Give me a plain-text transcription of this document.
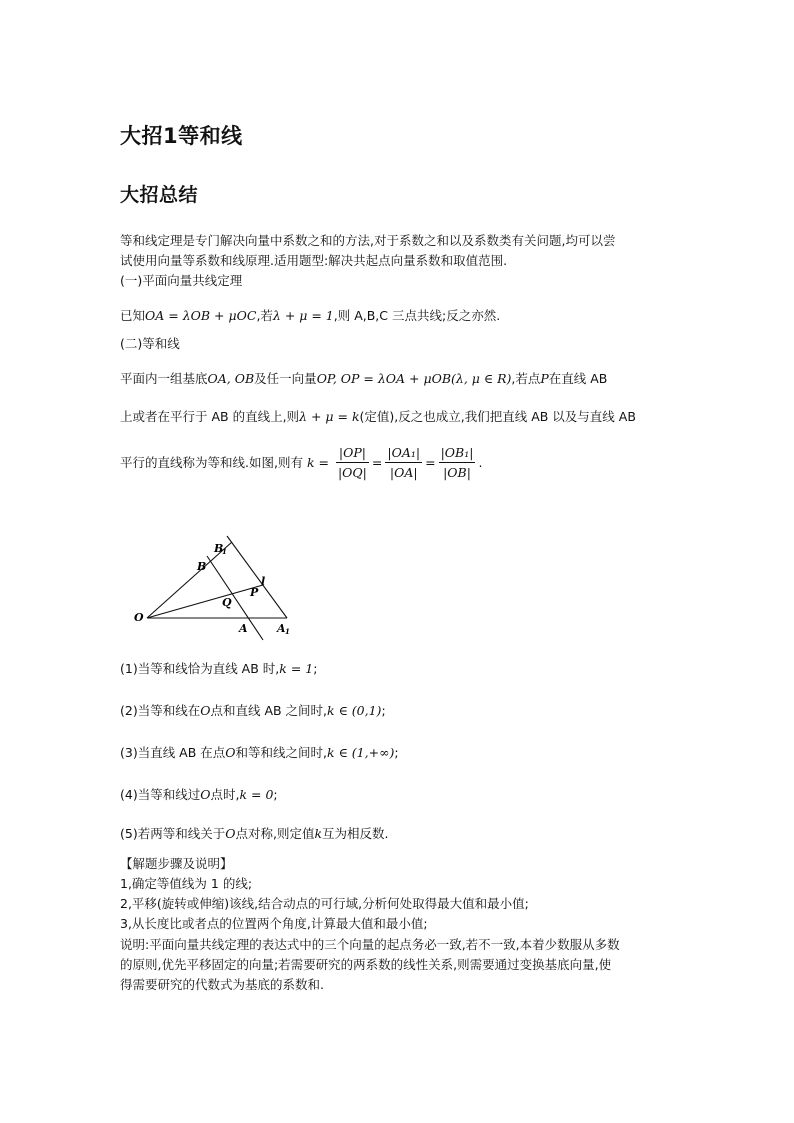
大招1等和线
大招总结
等和线定理是专门解决向量中系数之和的方法,对于系数之和以及系数类有关问题,均可以尝
试使用向量等系数和线原理.适用题型:解决共起点向量系数和取值范围.
(一)平面向量共线定理
已知OA = λOB + μOC,若λ + μ = 1,则 A,B,C 三点共线;反之亦然.
(二)等和线
平面内一组基底OA, OB及任一向量OP, OP = λOA + μOB(λ, μ ∈ R),若点P在直线 AB
上或者在平行于 AB 的直线上,则λ + μ = k(定值),反之也成立,我们把直线 AB 以及与直线 AB
平行的直线称为等和线.如图,则有 $k = \frac{|OP|}{|OQ|} = \frac{\text{|OA₁|}}{|OA|} = \frac{\text{|OB₁|}}{|OB|}$ .
O
A	A 1
B
B
1
Q
P
l
(1)当等和线恰为直线 AB 时,k = 1;
(2)当等和线在O点和直线 AB 之间时,k ∈ (0,1);
(3)当直线 AB 在点O和等和线之间时,k ∈ (1,+∞);
(4)当等和线过O点时,k = 0;
(5)若两等和线关于O点对称,则定值k互为相反数.
【解题步骤及说明】
1,确定等值线为 1 的线;
2,平移(旋转或伸缩)该线,结合动点的可行域,分析何处取得最大值和最小值;
3,从长度比或者点的位置两个角度,计算最大值和最小值;
说明:平面向量共线定理的表达式中的三个向量的起点务必一致,若不一致,本着少数服从多数
的原则,优先平移固定的向量;若需要研究的两系数的线性关系,则需要通过变换基底向量,使
得需要研究的代数式为基底的系数和.
